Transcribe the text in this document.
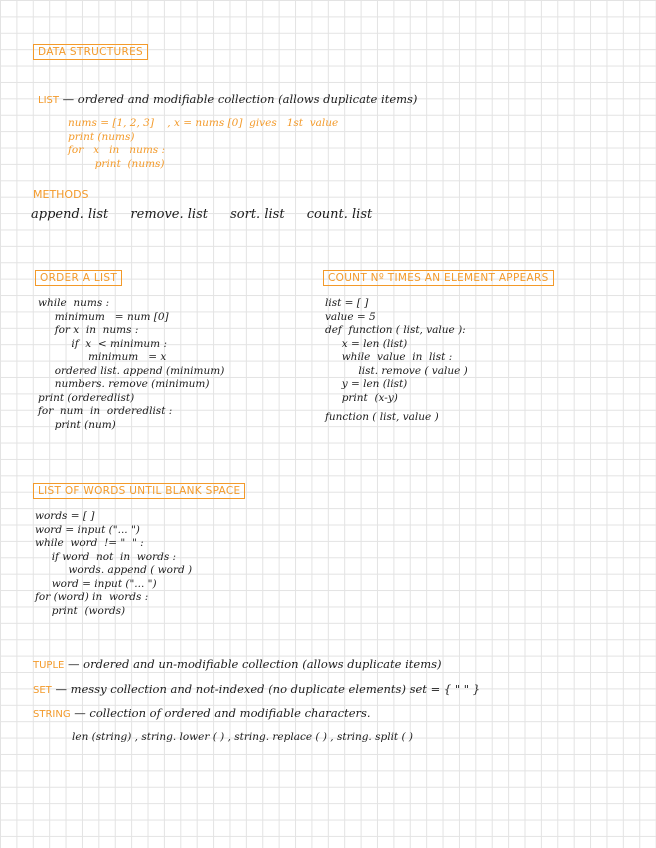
DATA STRUCTURES
LIST — ordered and modifiable collection (allows duplicate items)
nums = [1, 2, 3]    , x = nums [0]  gives   1st  value
print (nums)
for   x   in   nums :
print  (nums)
METHODS
append. list remove. list sort. list count. list
ORDER A LIST
while  nums :
minimum   = num [0]
for x  in  nums :
if  x  < minimum :
minimum   = x
ordered list. append (minimum)
numbers. remove (minimum)
print (orderedlist)
for  num  in  orderedlist :
print (num)
COUNT Nº TIMES AN ELEMENT APPEARS
list = [ ]
value = 5
def  function ( list, value ):
x = len (list)
while  value  in  list :
list. remove ( value )
y = len (list)
print  (x-y)
function ( list, value )
LIST OF WORDS UNTIL BLANK SPACE
words = [ ]
word = input ("... ")
while  word  != "  " :
if word  not  in  words :
words. append ( word )
word = input ("... ")
for (word) in  words :
print  (words)
TUPLE — ordered and un-modifiable collection (allows duplicate items)
SET — messy collection and not-indexed (no duplicate elements) set = { " " }
STRING — collection of ordered and modifiable characters.
len (string) , string. lower ( ) , string. replace ( ) , string. split ( )
